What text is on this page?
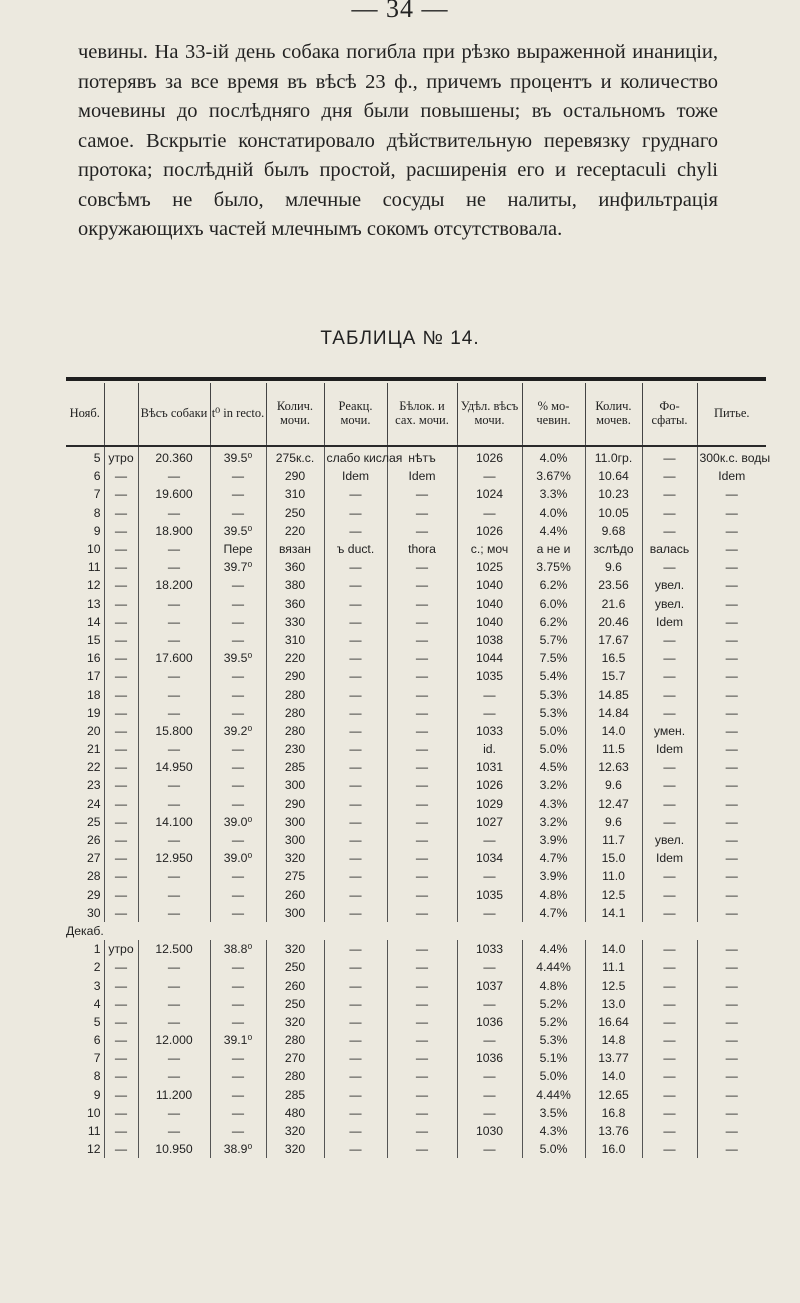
— 34 —

чевины. На 33-iй день собака погибла при рѣзко выраженной инаниціи, потерявъ за все время въ вѣсѣ 23 ф., причемъ процентъ и количество мочевины до послѣдняго дня были повышены; въ остальномъ тоже самое. Вскрытіе констатировало дѣйствительную перевязку груднаго протока; послѣдній былъ простой, расширенія его и receptaculi chyli совсѣмъ не было, млечные сосуды не налиты, инфильтрація окружающихъ частей млечнымъ сокомъ отсутствовала.

ТАБЛИЦА № 14.
Нояб.		Вѣсъ собаки	t⁰ in recto.	Колич. мочи.	Реакц. мочи.	Бѣлок. и сах. мочи.	Удѣл. вѣсъ мочи.	% мо-чевин.	Колич. мочев.	Фо-сфаты.	Питье.
5	утро	20.360	39.5⁰	275к.с.	слабо кислая	нѣтъ	1026	4.0%	11.0гр.	—	300к.с. воды
6	—	—	—	290	Idem	Idem	—	3.67%	10.64	—	Idem
7	—	19.600	—	310	—	—	1024	3.3%	10.23	—	—
8	—	—	—	250	—	—	—	4.0%	10.05	—	—
9	—	18.900	39.5⁰	220	—	—	1026	4.4%	9.68	—	—
10	—	—	Пере	вязан	ъ duct.	thora	с.; моч	а не и	зслѣдо	валась	—
11	—	—	39.7⁰	360	—	—	1025	3.75%	9.6	—	—
12	—	18.200	—	380	—	—	1040	6.2%	23.56	увел.	—
13	—	—	—	360	—	—	1040	6.0%	21.6	увел.	—
14	—	—	—	330	—	—	1040	6.2%	20.46	Idem	—
15	—	—	—	310	—	—	1038	5.7%	17.67	—	—
16	—	17.600	39.5⁰	220	—	—	1044	7.5%	16.5	—	—
17	—	—	—	290	—	—	1035	5.4%	15.7	—	—
18	—	—	—	280	—	—	—	5.3%	14.85	—	—
19	—	—	—	280	—	—	—	5.3%	14.84	—	—
20	—	15.800	39.2⁰	280	—	—	1033	5.0%	14.0	умен.	—
21	—	—	—	230	—	—	id.	5.0%	11.5	Idem	—
22	—	14.950	—	285	—	—	1031	4.5%	12.63	—	—
23	—	—	—	300	—	—	1026	3.2%	9.6	—	—
24	—	—	—	290	—	—	1029	4.3%	12.47	—	—
25	—	14.100	39.0⁰	300	—	—	1027	3.2%	9.6	—	—
26	—	—	—	300	—	—	—	3.9%	11.7	увел.	—
27	—	12.950	39.0⁰	320	—	—	1034	4.7%	15.0	Idem	—
28	—	—	—	275	—	—	—	3.9%	11.0	—	—
29	—	—	—	260	—	—	1035	4.8%	12.5	—	—
30	—	—	—	300	—	—	—	4.7%	14.1	—	—
Декаб.											
1	утро	12.500	38.8⁰	320	—	—	1033	4.4%	14.0	—	—
2	—	—	—	250	—	—	—	4.44%	11.1	—	—
3	—	—	—	260	—	—	1037	4.8%	12.5	—	—
4	—	—	—	250	—	—	—	5.2%	13.0	—	—
5	—	—	—	320	—	—	1036	5.2%	16.64	—	—
6	—	12.000	39.1⁰	280	—	—	—	5.3%	14.8	—	—
7	—	—	—	270	—	—	1036	5.1%	13.77	—	—
8	—	—	—	280	—	—	—	5.0%	14.0	—	—
9	—	11.200	—	285	—	—	—	4.44%	12.65	—	—
10	—	—	—	480	—	—	—	3.5%	16.8	—	—
11	—	—	—	320	—	—	1030	4.3%	13.76	—	—
12	—	10.950	38.9⁰	320	—	—	—	5.0%	16.0	—	—
